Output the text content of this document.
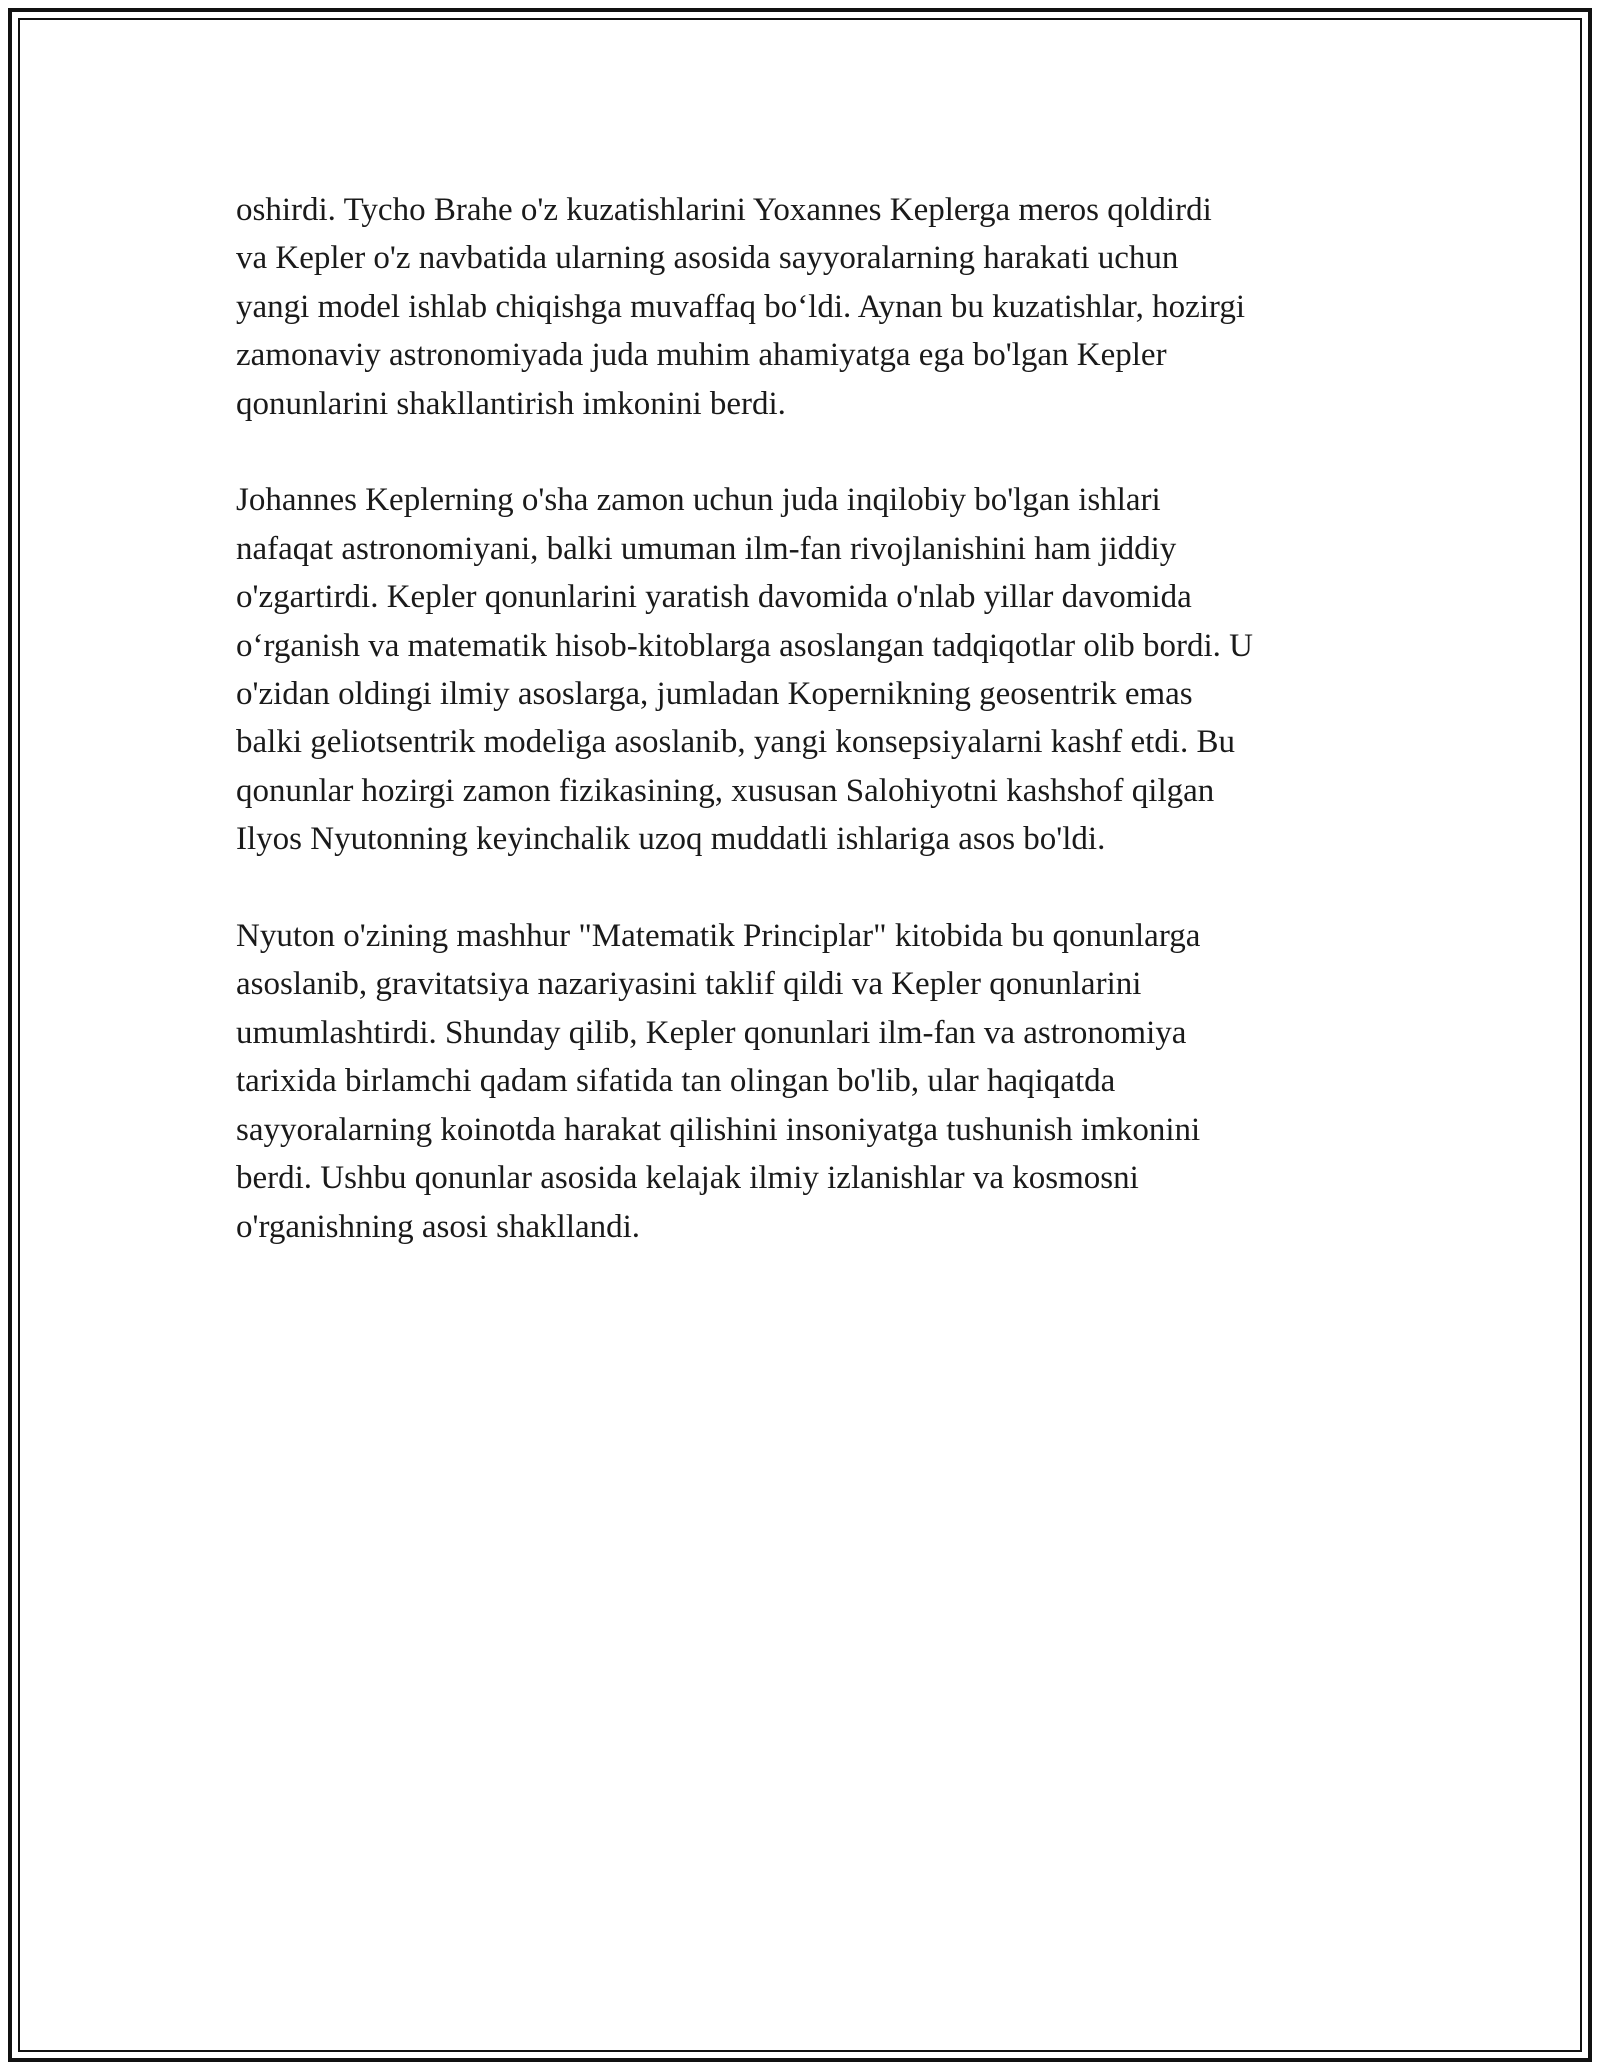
oshirdi. Tycho Brahe o'z kuzatishlarini Yoxannes Keplerga meros qoldirdi
va Kepler o'z navbatida ularning asosida sayyoralarning harakati uchun
yangi model ishlab chiqishga muvaffaq bo‘ldi. Aynan bu kuzatishlar, hozirgi
zamonaviy astronomiyada juda muhim ahamiyatga ega bo'lgan Kepler
qonunlarini shakllantirish imkonini berdi.

Johannes Keplerning o'sha zamon uchun juda inqilobiy bo'lgan ishlari
nafaqat astronomiyani, balki umuman ilm-fan rivojlanishini ham jiddiy
o'zgartirdi. Kepler qonunlarini yaratish davomida o'nlab yillar davomida
o‘rganish va matematik hisob-kitoblarga asoslangan tadqiqotlar olib bordi. U
o'zidan oldingi ilmiy asoslarga, jumladan Kopernikning geosentrik emas
balki geliotsentrik modeliga asoslanib, yangi konsepsiyalarni kashf etdi. Bu
qonunlar hozirgi zamon fizikasining, xususan Salohiyotni kashshof qilgan
Ilyos Nyutonning keyinchalik uzoq muddatli ishlariga asos bo'ldi.

Nyuton o'zining mashhur "Matematik Principlar" kitobida bu qonunlarga
asoslanib, gravitatsiya nazariyasini taklif qildi va Kepler qonunlarini
umumlashtirdi. Shunday qilib, Kepler qonunlari ilm-fan va astronomiya
tarixida birlamchi qadam sifatida tan olingan bo'lib, ular haqiqatda
sayyoralarning koinotda harakat qilishini insoniyatga tushunish imkonini
berdi. Ushbu qonunlar asosida kelajak ilmiy izlanishlar va kosmosni
o'rganishning asosi shakllandi.
